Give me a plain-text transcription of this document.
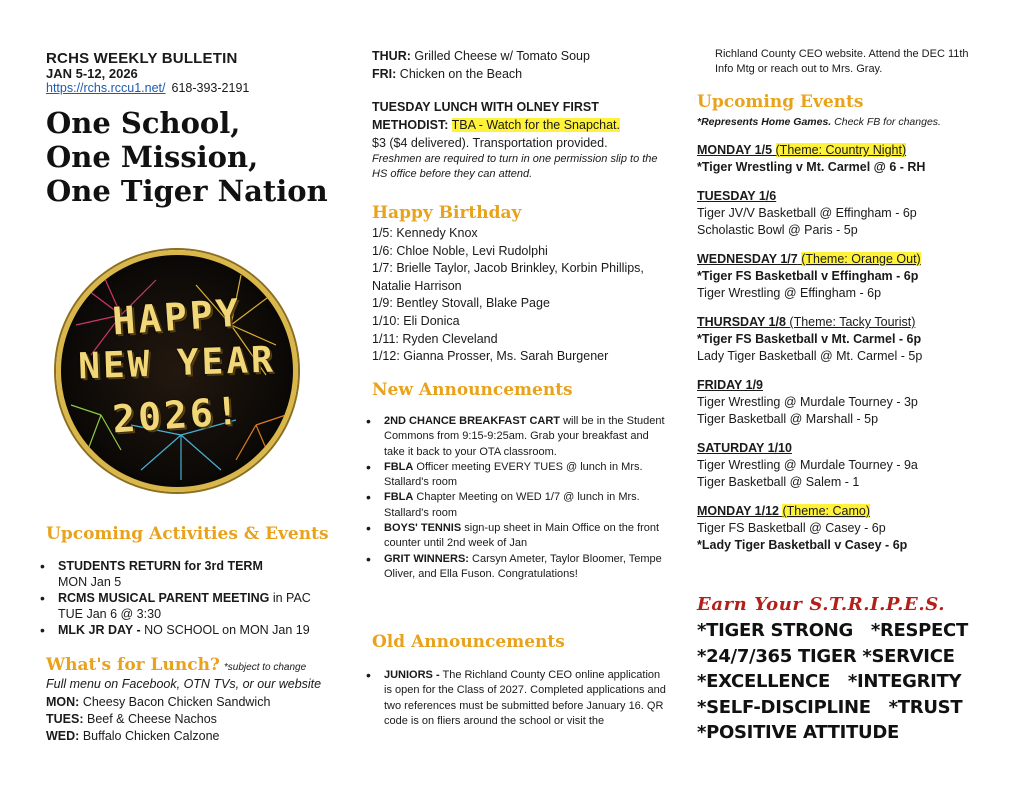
RCHS WEEKLY BULLETIN
JAN 5-12, 2026
https://rchs.rccu1.net/ 618-393-2191
One School,
One Mission,
One Tiger Nation
HAPPY
NEW YEAR
2026!
Upcoming Activities & Events
• STUDENTS RETURN for 3rd TERM
MON Jan 5
• RCMS MUSICAL PARENT MEETING in PAC
TUE Jan 6 @ 3:30
• MLK JR DAY - NO SCHOOL on MON Jan 19
What's for Lunch? *subject to change
Full menu on Facebook, OTN TVs, or our website
MON: Cheesy Bacon Chicken Sandwich
TUES: Beef & Cheese Nachos
WED: Buffalo Chicken Calzone
THUR: Grilled Cheese w/ Tomato Soup
FRI: Chicken on the Beach
TUESDAY LUNCH WITH OLNEY FIRST METHODIST: TBA - Watch for the Snapchat.
$3 ($4 delivered). Transportation provided.
Freshmen are required to turn in one permission slip to the HS office before they can attend.
Happy Birthday
1/5: Kennedy Knox
1/6: Chloe Noble, Levi Rudolphi
1/7: Brielle Taylor, Jacob Brinkley, Korbin Phillips, Natalie Harrison
1/9: Bentley Stovall, Blake Page
1/10: Eli Donica
1/11: Ryden Cleveland
1/12: Gianna Prosser, Ms. Sarah Burgener
New Announcements
• 2ND CHANCE BREAKFAST CART will be in the Student Commons from 9:15-9:25am. Grab your breakfast and take it back to your OTA classroom.
• FBLA Officer meeting EVERY TUES @ lunch in Mrs. Stallard's room
• FBLA Chapter Meeting on WED 1/7 @ lunch in Mrs. Stallard's room
• BOYS' TENNIS sign-up sheet in Main Office on the front counter until 2nd week of Jan
• GRIT WINNERS: Carsyn Ameter, Taylor Bloomer, Tempe Oliver, and Ella Fuson. Congratulations!
Old Announcements
• JUNIORS - The Richland County CEO online application is open for the Class of 2027. Completed applications and two references must be submitted before January 16. QR code is on fliers around the school or visit the
Richland County CEO website. Attend the DEC 11th Info Mtg or reach out to Mrs. Gray.
Upcoming Events
*Represents Home Games. Check FB for changes.
MONDAY 1/5 (Theme: Country Night)
*Tiger Wrestling v Mt. Carmel @ 6 - RH
TUESDAY 1/6
Tiger JV/V Basketball @ Effingham - 6p
Scholastic Bowl @ Paris - 5p
WEDNESDAY 1/7 (Theme: Orange Out)
*Tiger FS Basketball v Effingham - 6p
Tiger Wrestling @ Effingham - 6p
THURSDAY 1/8 (Theme: Tacky Tourist)
*Tiger FS Basketball v Mt. Carmel - 6p
Lady Tiger Basketball @ Mt. Carmel - 5p
FRIDAY 1/9
Tiger Wrestling @ Murdale Tourney - 3p
Tiger Basketball @ Marshall - 5p
SATURDAY 1/10
Tiger Wrestling @ Murdale Tourney - 9a
Tiger Basketball @ Salem - 1
MONDAY 1/12 (Theme: Camo)
Tiger FS Basketball @ Casey - 6p
*Lady Tiger Basketball v Casey - 6p
Earn Your S.T.R.I.P.E.S.
*TIGER STRONG   *RESPECT
*24/7/365 TIGER *SERVICE
*EXCELLENCE   *INTEGRITY
*SELF-DISCIPLINE   *TRUST
*POSITIVE ATTITUDE
